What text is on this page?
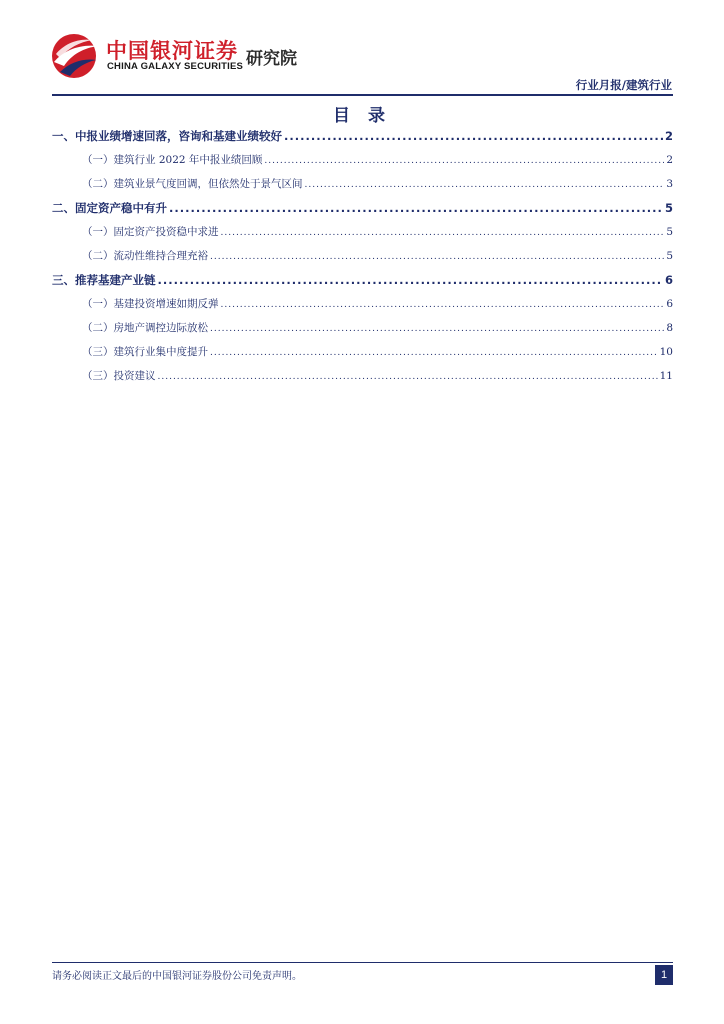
中国银河证券
CHINA GALAXY SECURITIES 研究院
行业月报/建筑行业
目 录
一、中报业绩增速回落，咨询和基建业绩较好 .....	2
（一）建筑行业 2022 年中报业绩回顾 .....	2
（二）建筑业景气度回调，但依然处于景气区间 .....	3
二、固定资产稳中有升 .....	5
（一）固定资产投资稳中求进 .....	5
（二）流动性维持合理充裕 .....	5
三、推荐基建产业链 .....	6
（一）基建投资增速如期反弹 .....	6
（二）房地产调控边际放松 .....	8
（三）建筑行业集中度提升 .....	10
（三）投资建议 .....	11
请务必阅读正文最后的中国银河证券股份公司免责声明。	1
